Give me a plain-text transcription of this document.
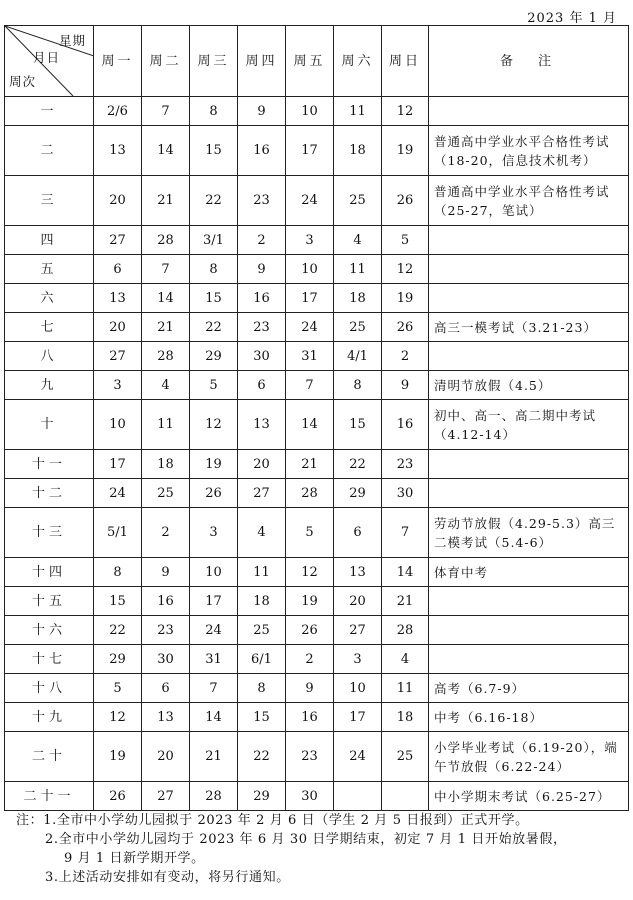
2023 年 1 月
星期
月日
周次	周一	周二	周三	周四	周五	周六	周日	备　注
一	2/6	7	8	9	10	11	12	
二	13	14	15	16	17	18	19	普通高中学业水平合格性考试（18-20，信息技术机考）
三	20	21	22	23	24	25	26	普通高中学业水平合格性考试（25-27，笔试）
四	27	28	3/1	2	3	4	5	
五	6	7	8	9	10	11	12	
六	13	14	15	16	17	18	19	
七	20	21	22	23	24	25	26	高三一模考试（3.21-23）
八	27	28	29	30	31	4/1	2	
九	3	4	5	6	7	8	9	清明节放假（4.5）
十	10	11	12	13	14	15	16	初中、高一、高二期中考试（4.12-14）
十一	17	18	19	20	21	22	23	
十二	24	25	26	27	28	29	30	
十三	5/1	2	3	4	5	6	7	劳动节放假（4.29-5.3）高三二模考试（5.4-6）
十四	8	9	10	11	12	13	14	体育中考
十五	15	16	17	18	19	20	21	
十六	22	23	24	25	26	27	28	
十七	29	30	31	6/1	2	3	4	
十八	5	6	7	8	9	10	11	高考（6.7-9）
十九	12	13	14	15	16	17	18	中考（6.16-18）
二十	19	20	21	22	23	24	25	小学毕业考试（6.19-20），端午节放假（6.22-24）
二十一	26	27	28	29	30			中小学期末考试（6.25-27）
注：1.全市中小学幼儿园拟于 2023 年 2 月 6 日（学生 2 月 5 日报到）正式开学。
2.全市中小学幼儿园均于 2023 年 6 月 30 日学期结束，初定 7 月 1 日开始放暑假，
9 月 1 日新学期开学。
3.上述活动安排如有变动，将另行通知。
